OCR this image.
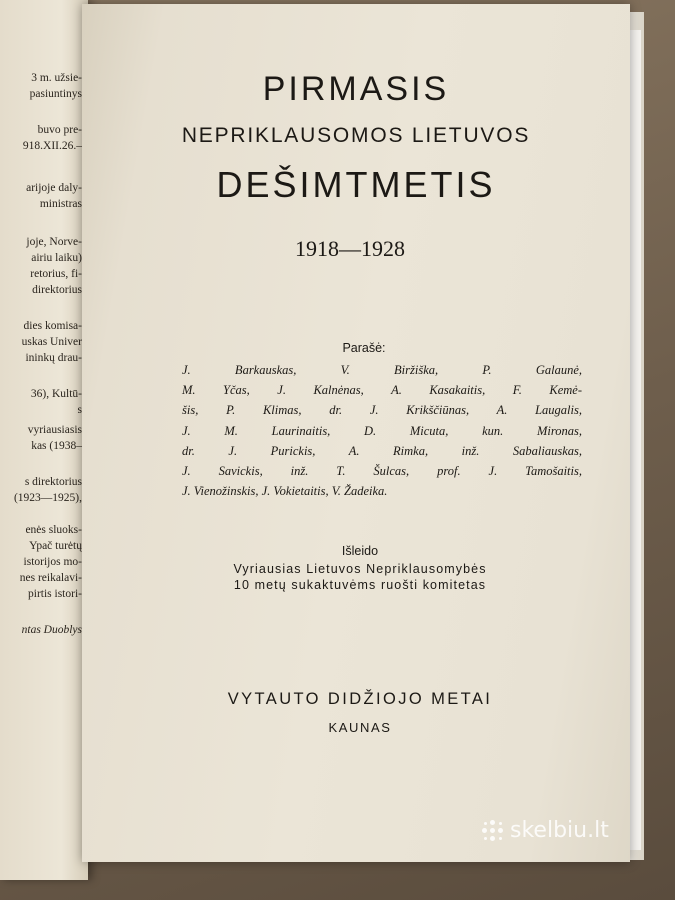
3 m. užsie-
pasiuntinys
buvo pre-
918.XII.26.–
arijoje daly-
ministras
joje, Norve-
airiu laiku)
retorius, fi-
direktorius
dies komisa-
uskas Univer
ininkų drau-
36), Kultū-
s
vyriausiasis
kas (1938–
s direktorius
(1923—1925),
enės sluoks-
Ypač turėtų
istorijos mo-
nes reikalavi-
pirtis istori-
ntas Duoblys
PIRMASIS
NEPRIKLAUSOMOS LIETUVOS
DEŠIMTMETIS
1918—1928
Parašė:
J. Barkauskas, V. Biržiška, P. Galaunė,
M. Yčas, J. Kalnėnas, A. Kasakaitis, F. Kemė-
šis, P. Klimas, dr. J. Krikščiūnas, A. Laugalis,
J. M. Laurinaitis, D. Micuta, kun. Mironas,
dr. J. Purickis, A. Rimka, inž. Sabaliauskas,
J. Savickis, inž. T. Šulcas, prof. J. Tamošaitis,
J. Vienožinskis, J. Vokietaitis, V. Žadeika.
Išleido
Vyriausias Lietuvos Nepriklausomybės
10 metų sukaktuvėms ruošti komitetas
VYTAUTO DIDŽIOJO METAI
KAUNAS
skelbiu.lt
